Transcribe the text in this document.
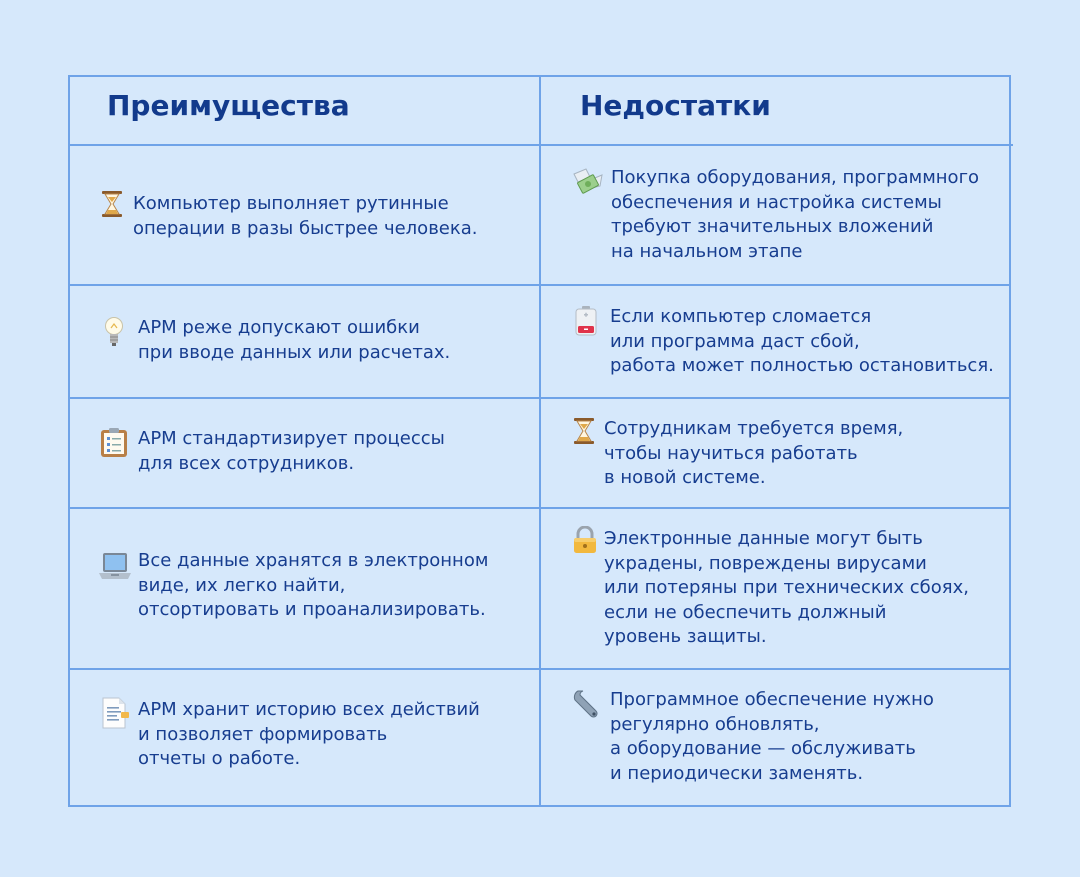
Преимущества	Недостатки
Компьютер выполняет рутинные
операции в разы быстрее человека.
АРМ реже допускают ошибки
при вводе данных или расчетах.
АРМ стандартизирует процессы
для всех сотрудников.
Все данные хранятся в электронном
виде, их легко найти,
отсортировать и проанализировать.
АРМ хранит историю всех действий
и позволяет формировать
отчеты о работе.
Покупка оборудования, программного
обеспечения и настройка системы
требуют значительных вложений
на начальном этапе
Если компьютер сломается
или программа даст сбой,
работа может полностью остановиться.
Сотрудникам требуется время,
чтобы научиться работать
в новой системе.
Электронные данные могут быть
украдены, повреждены вирусами
или потеряны при технических сбоях,
если не обеспечить должный
уровень защиты.
Программное обеспечение нужно
регулярно обновлять,
а оборудование — обслуживать
и периодически заменять.
